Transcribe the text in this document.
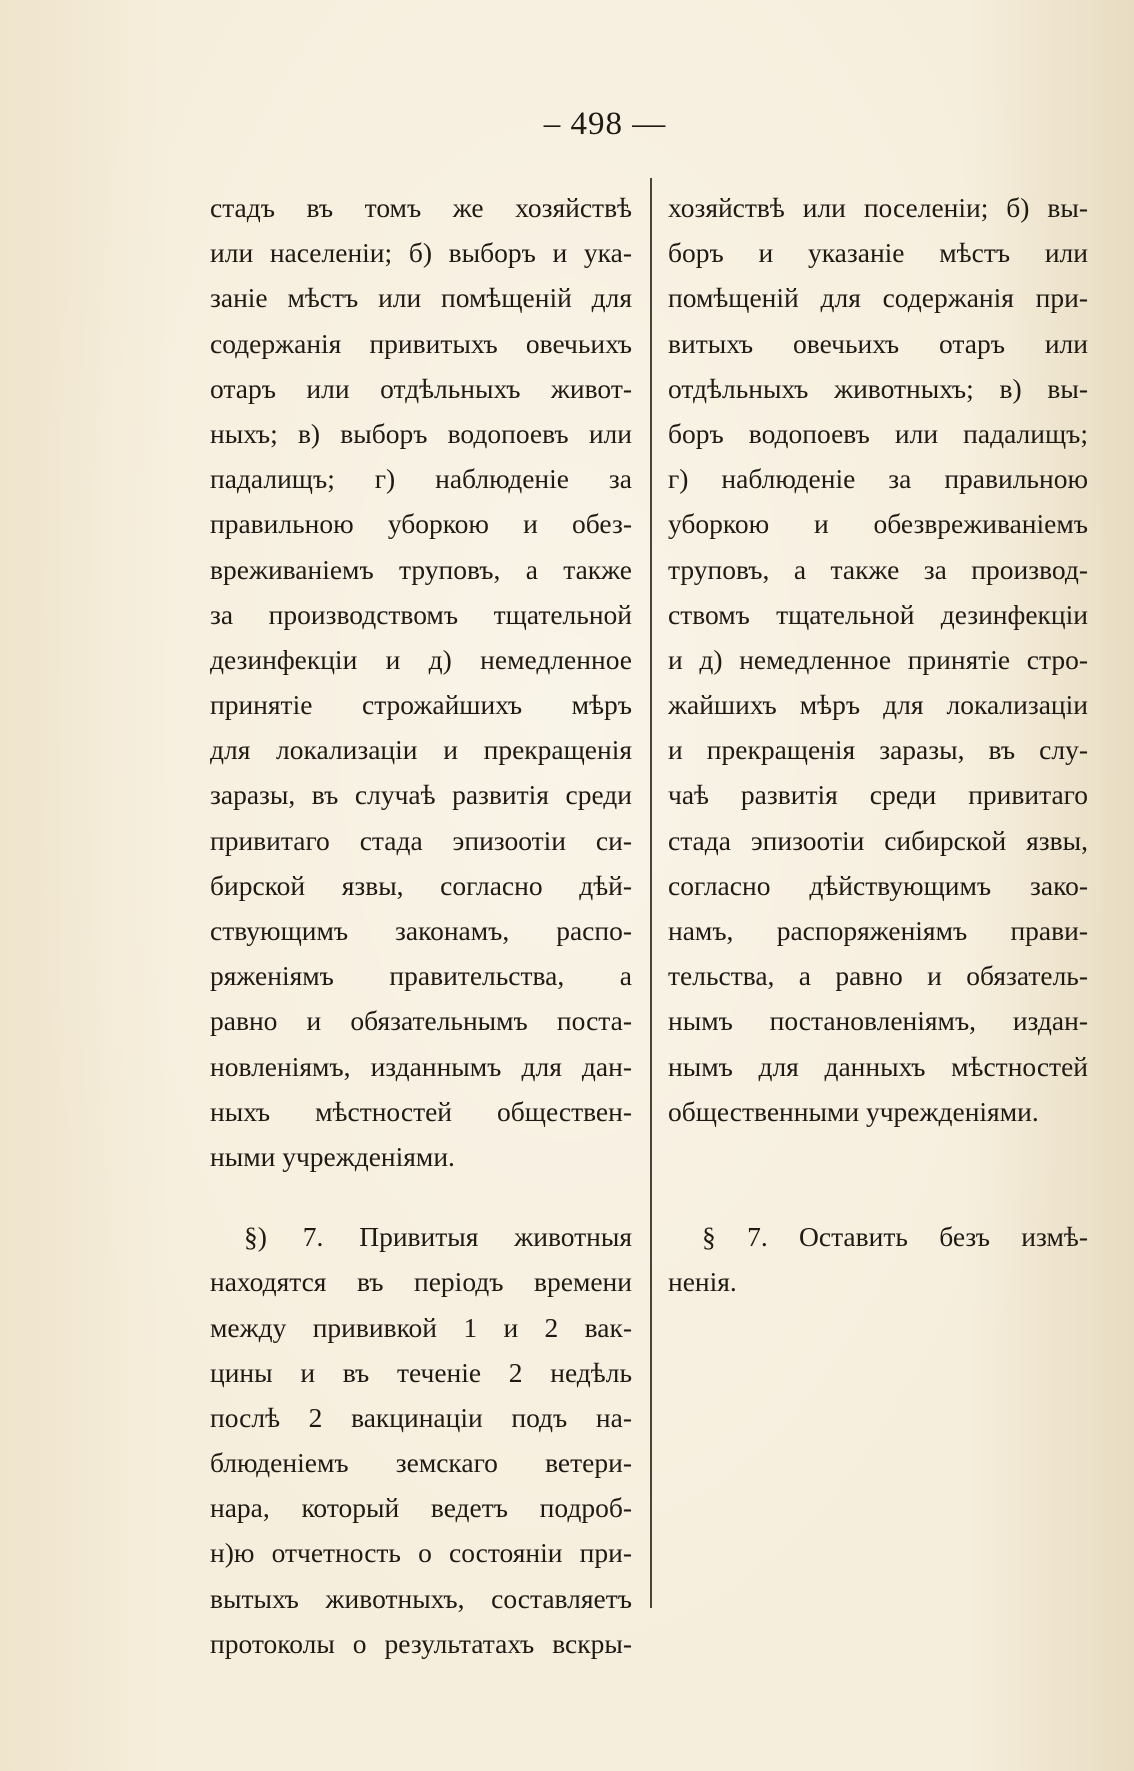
– 498 —
стадъ въ томъ же хозяйствѣ
или населеніи; б) выборъ и ука-
заніе мѣстъ или помѣщеній для
содержанія привитыхъ овечьихъ
отаръ или отдѣльныхъ живот-
ныхъ; в) выборъ водопоевъ или
падалищъ; г) наблюденіе за
правильною уборкою и обез-
вреживаніемъ труповъ, а также
за производствомъ тщательной
дезинфекціи и д) немедленное
принятіе строжайшихъ мѣръ
для локализаціи и прекращенія
заразы, въ случаѣ развитія среди
привитаго стада эпизоотіи си-
бирской язвы, согласно дѣй-
ствующимъ законамъ, распо-
ряженіямъ правительства, а
равно и обязательнымъ поста-
новленіямъ, изданнымъ для дан-
ныхъ мѣстностей обществен-
ными учрежденіями.
§) 7. Привитыя животныя
находятся въ періодъ времени
между прививкой 1 и 2 вак-
цины и въ теченіе 2 недѣль
послѣ 2 вакцинаціи подъ на-
блюденіемъ земскаго ветери-
нара, который ведетъ подроб-
н)ю отчетность о состояніи при-
вытыхъ животныхъ, составляетъ
протоколы о результатахъ вскры-
хозяйствѣ или поселеніи; б) вы-
боръ и указаніе мѣстъ или
помѣщеній для содержанія при-
витыхъ овечьихъ отаръ или
отдѣльныхъ животныхъ; в) вы-
боръ водопоевъ или падалищъ;
г) наблюденіе за правильною
уборкою и обезвреживаніемъ
труповъ, а также за производ-
ствомъ тщательной дезинфекціи
и д) немедленное принятіе стро-
жайшихъ мѣръ для локализаціи
и прекращенія заразы, въ слу-
чаѣ развитія среди привитаго
стада эпизоотіи сибирской язвы,
согласно дѣйствующимъ зако-
намъ, распоряженіямъ прави-
тельства, а равно и обязатель-
нымъ постановленіямъ, издан-
нымъ для данныхъ мѣстностей
общественными учрежденіями.
§ 7. Оставить безъ измѣ-
ненія.
